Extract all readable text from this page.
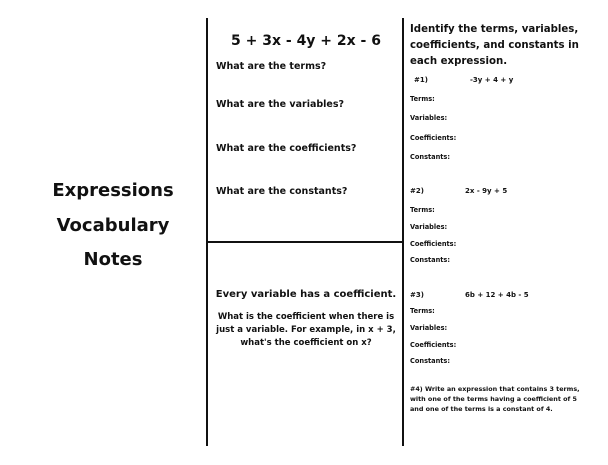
Expressions
Vocabulary
Notes
5 + 3x - 4y + 2x - 6
What are the terms?
What are the variables?
What are the coefficients?
What are the constants?
Every variable has a coefficient.
What is the coefficient when there is just a variable. For example, in x + 3, what's the coefficient on x?
Identify the terms, variables, coefficients, and constants in each expression.
#1)	-3y + 4 + y
Terms:
Variables:
Coefficients:
Constants:
#2)	2x - 9y + 5
Terms:
Variables:
Coefficients:
Constants:
#3)	6b + 12 + 4b - 5
Terms:
Variables:
Coefficients:
Constants:
#4) Write an expression that contains 3 terms, with one of the terms having a coefficient of 5 and one of the terms is a constant of 4.
